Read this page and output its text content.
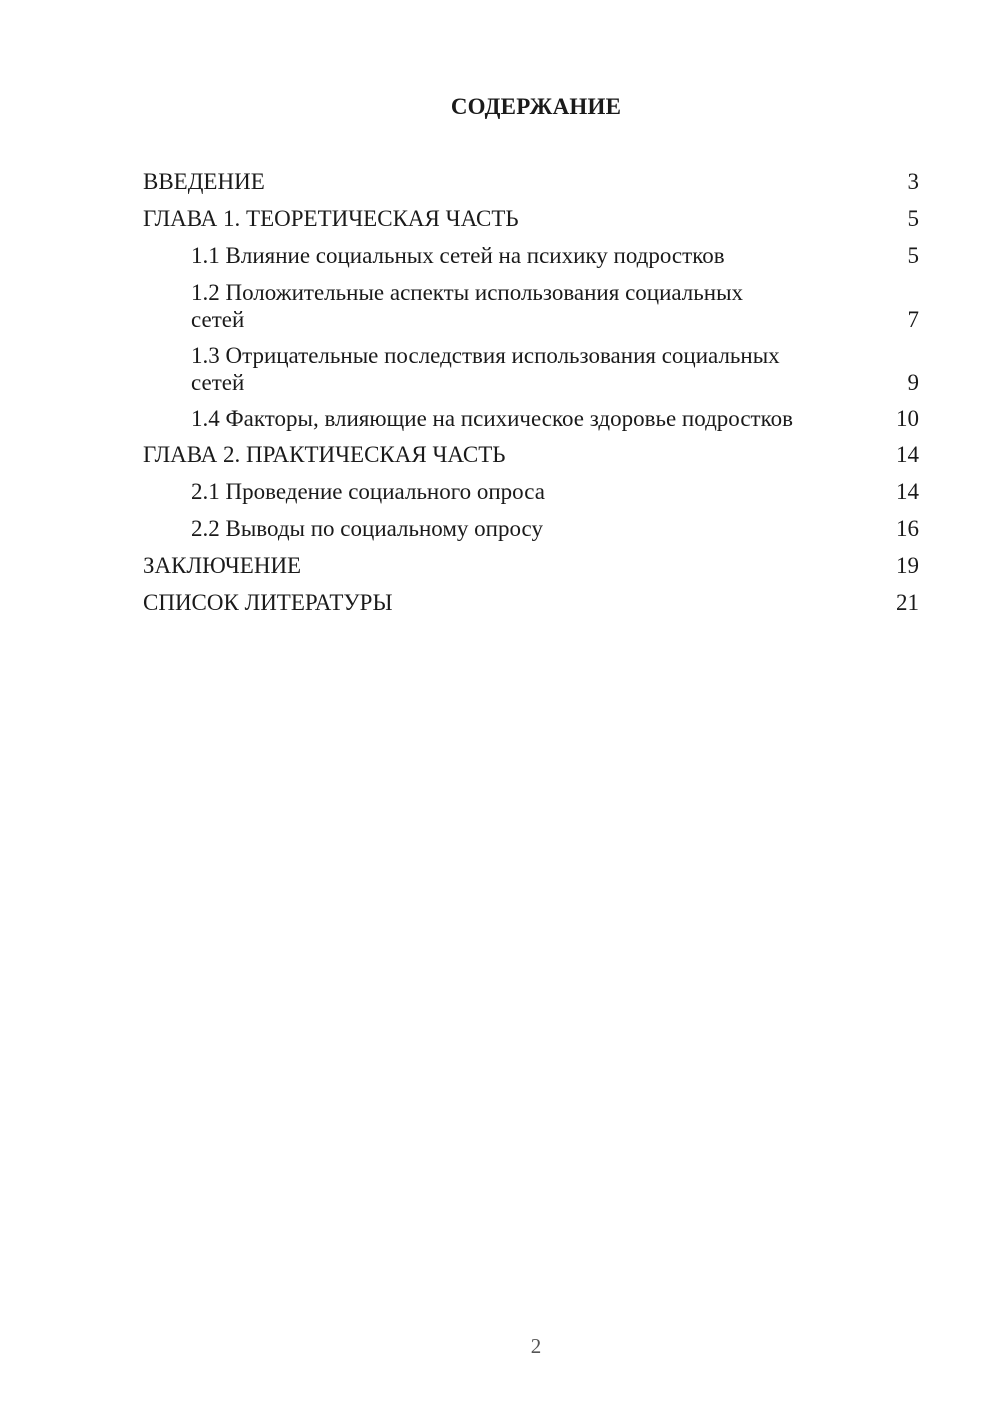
СОДЕРЖАНИЕ
ВВЕДЕНИЕ	3
ГЛАВА 1. ТЕОРЕТИЧЕСКАЯ ЧАСТЬ	5
1.1 Влияние социальных сетей на психику подростков	5
1.2 Положительные аспекты использования социальных сетей	7
1.3 Отрицательные последствия использования социальных сетей	9
1.4 Факторы, влияющие на психическое здоровье подростков	10
ГЛАВА 2. ПРАКТИЧЕСКАЯ ЧАСТЬ	14
2.1 Проведение социального опроса	14
2.2 Выводы по социальному опросу	16
ЗАКЛЮЧЕНИЕ	19
СПИСОК ЛИТЕРАТУРЫ	21
2
